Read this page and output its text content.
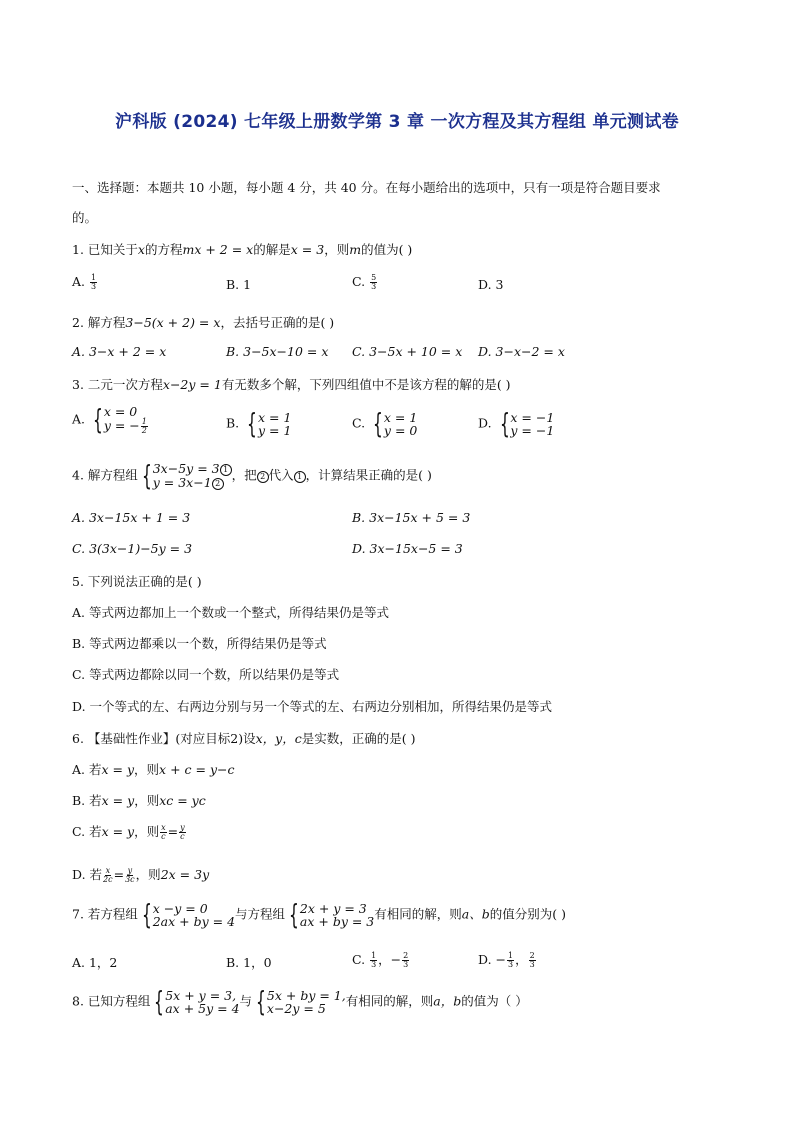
沪科版 (2024) 七年级上册数学第 3 章 一次方程及其方程组 单元测试卷
一、选择题：本题共 10 小题，每小题 4 分，共 40 分。在每小题给出的选项中，只有一项是符合题目要求
的。
1. 已知关于x的方程mx + 2 = x的解是x = 3，则m的值为( )
A. $\frac{1}{3}$	B. 1	C. $\frac{5}{3}$	D. 3
2. 解方程3−5(x + 2) = x，去括号正确的是( )
A. 3−x + 2 = x	B. 3−5x−10 = x C. 3−5x + 10 = x D. 3−x−2 = x
3. 二元一次方程x−2y = 1有无数多个解，下列四组值中不是该方程的解的是( )
A. { x = 0
y = − $\frac{1}{2}$	B. { x = 1
y = 1	C. { x = 1
y = 0	D. { x = −1
y = −1
4. 解方程组 { 3x−5y = 3 1
y = 3x−1 2
，把 2 代入 1 ，计算结果正确的是( )
A. 3x−15x + 1 = 3	B. 3x−15x + 5 = 3
C. 3(3x−1)−5y = 3	D. 3x−15x−5 = 3
5. 下列说法正确的是( )
A. 等式两边都加上一个数或一个整式，所得结果仍是等式
B. 等式两边都乘以一个数，所得结果仍是等式
C. 等式两边都除以同一个数，所以结果仍是等式
D. 一个等式的左、右两边分别与另一个等式的左、右两边分别相加，所得结果仍是等式
6. 【基础性作业】(对应目标2)设x，y，c是实数，正确的是( )
A. 若x = y，则x + c = y−c
B. 若x = y，则xc = yc
C. 若x = y，则 $\frac{x}{c} = \frac{y}{c}$
D. 若 $\frac{x}{2c} = \frac{y}{3c}$ ，则2x = 3y
7. 若方程组 { x −y = 0
2ax + by = 4 与方程组 { 2x + y = 3
ax + by = 3 有相同的解，则a、b的值分别为( )
A. 1，2	B. 1，0	C. $\frac{1}{3}$ ，− $\frac{2}{3}$	D. − $\frac{1}{3}$ ， $\frac{2}{3}$
8. 已知方程组 { 5x + y = 3,
ax + 5y = 4 与 { 5x + by = 1,
x−2y = 5	有相同的解，则a，b的值为（ ）
